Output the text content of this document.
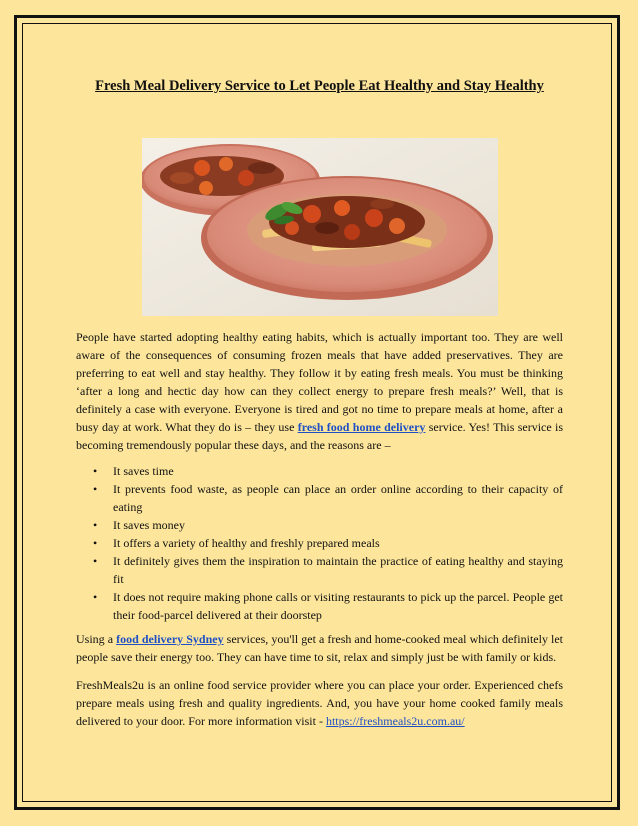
Fresh Meal Delivery Service to Let People Eat Healthy and Stay Healthy

People have started adopting healthy eating habits, which is actually important too. They are well aware of the consequences of consuming frozen meals that have added preservatives. They are preferring to eat well and stay healthy. They follow it by eating fresh meals. You must be thinking ‘after a long and hectic day how can they collect energy to prepare fresh meals?’ Well, that is definitely a case with everyone. Everyone is tired and got no time to prepare meals at home, after a busy day at work. What they do is – they use fresh food home delivery service. Yes! This service is becoming tremendously popular these days, and the reasons are –

• It saves time
• It prevents food waste, as people can place an order online according to their capacity of eating
• It saves money
• It offers a variety of healthy and freshly prepared meals
• It definitely gives them the inspiration to maintain the practice of eating healthy and staying fit
• It does not require making phone calls or visiting restaurants to pick up the parcel. People get their food-parcel delivered at their doorstep

Using a food delivery Sydney services, you'll get a fresh and home-cooked meal which definitely let people save their energy too. They can have time to sit, relax and simply just be with family or kids.

FreshMeals2u is an online food service provider where you can place your order. Experienced chefs prepare meals using fresh and quality ingredients. And, you have your home cooked family meals delivered to your door. For more information visit - https://freshmeals2u.com.au/
